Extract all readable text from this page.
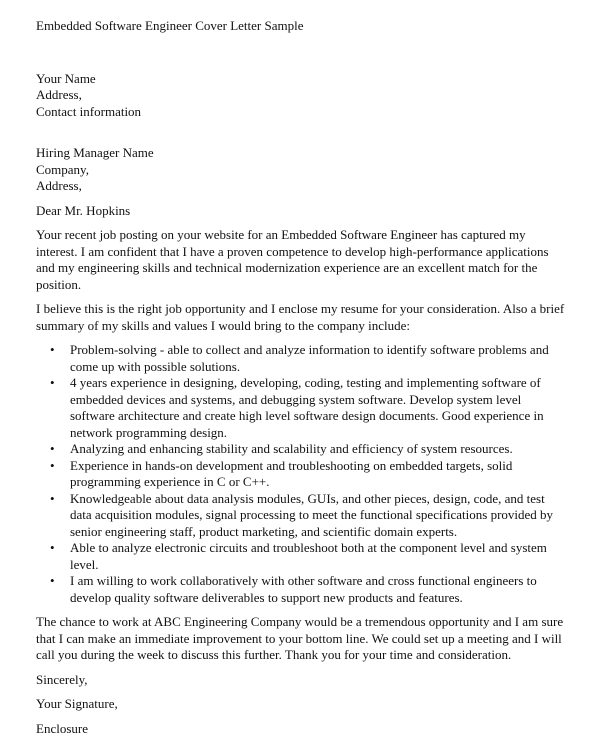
Embedded Software Engineer Cover Letter Sample
Your Name
Address,
Contact information
Hiring Manager Name
Company,
Address,
Dear Mr. Hopkins

Your recent job posting on your website for an Embedded Software Engineer has captured my interest. I am confident that I have a proven competence to develop high-performance applications and my engineering skills and technical modernization experience are an excellent match for the position.

I believe this is the right job opportunity and I enclose my resume for your consideration. Also a brief summary of my skills and values I would bring to the company include:

• Problem-solving - able to collect and analyze information to identify software problems and come up with possible solutions.
• 4 years experience in designing, developing, coding, testing and implementing software of embedded devices and systems, and debugging system software. Develop system level software architecture and create high level software design documents. Good experience in network programming design.
• Analyzing and enhancing stability and scalability and efficiency of system resources.
• Experience in hands-on development and troubleshooting on embedded targets, solid programming experience in C or C++.
• Knowledgeable about data analysis modules, GUIs, and other pieces, design, code, and test data acquisition modules, signal processing to meet the functional specifications provided by senior engineering staff, product marketing, and scientific domain experts.
• Able to analyze electronic circuits and troubleshoot both at the component level and system level.
• I am willing to work collaboratively with other software and cross functional engineers to develop quality software deliverables to support new products and features.

The chance to work at ABC Engineering Company would be a tremendous opportunity and I am sure that I can make an immediate improvement to your bottom line. We could set up a meeting and I will call you during the week to discuss this further. Thank you for your time and consideration.

Sincerely,
Your Signature,
Enclosure
